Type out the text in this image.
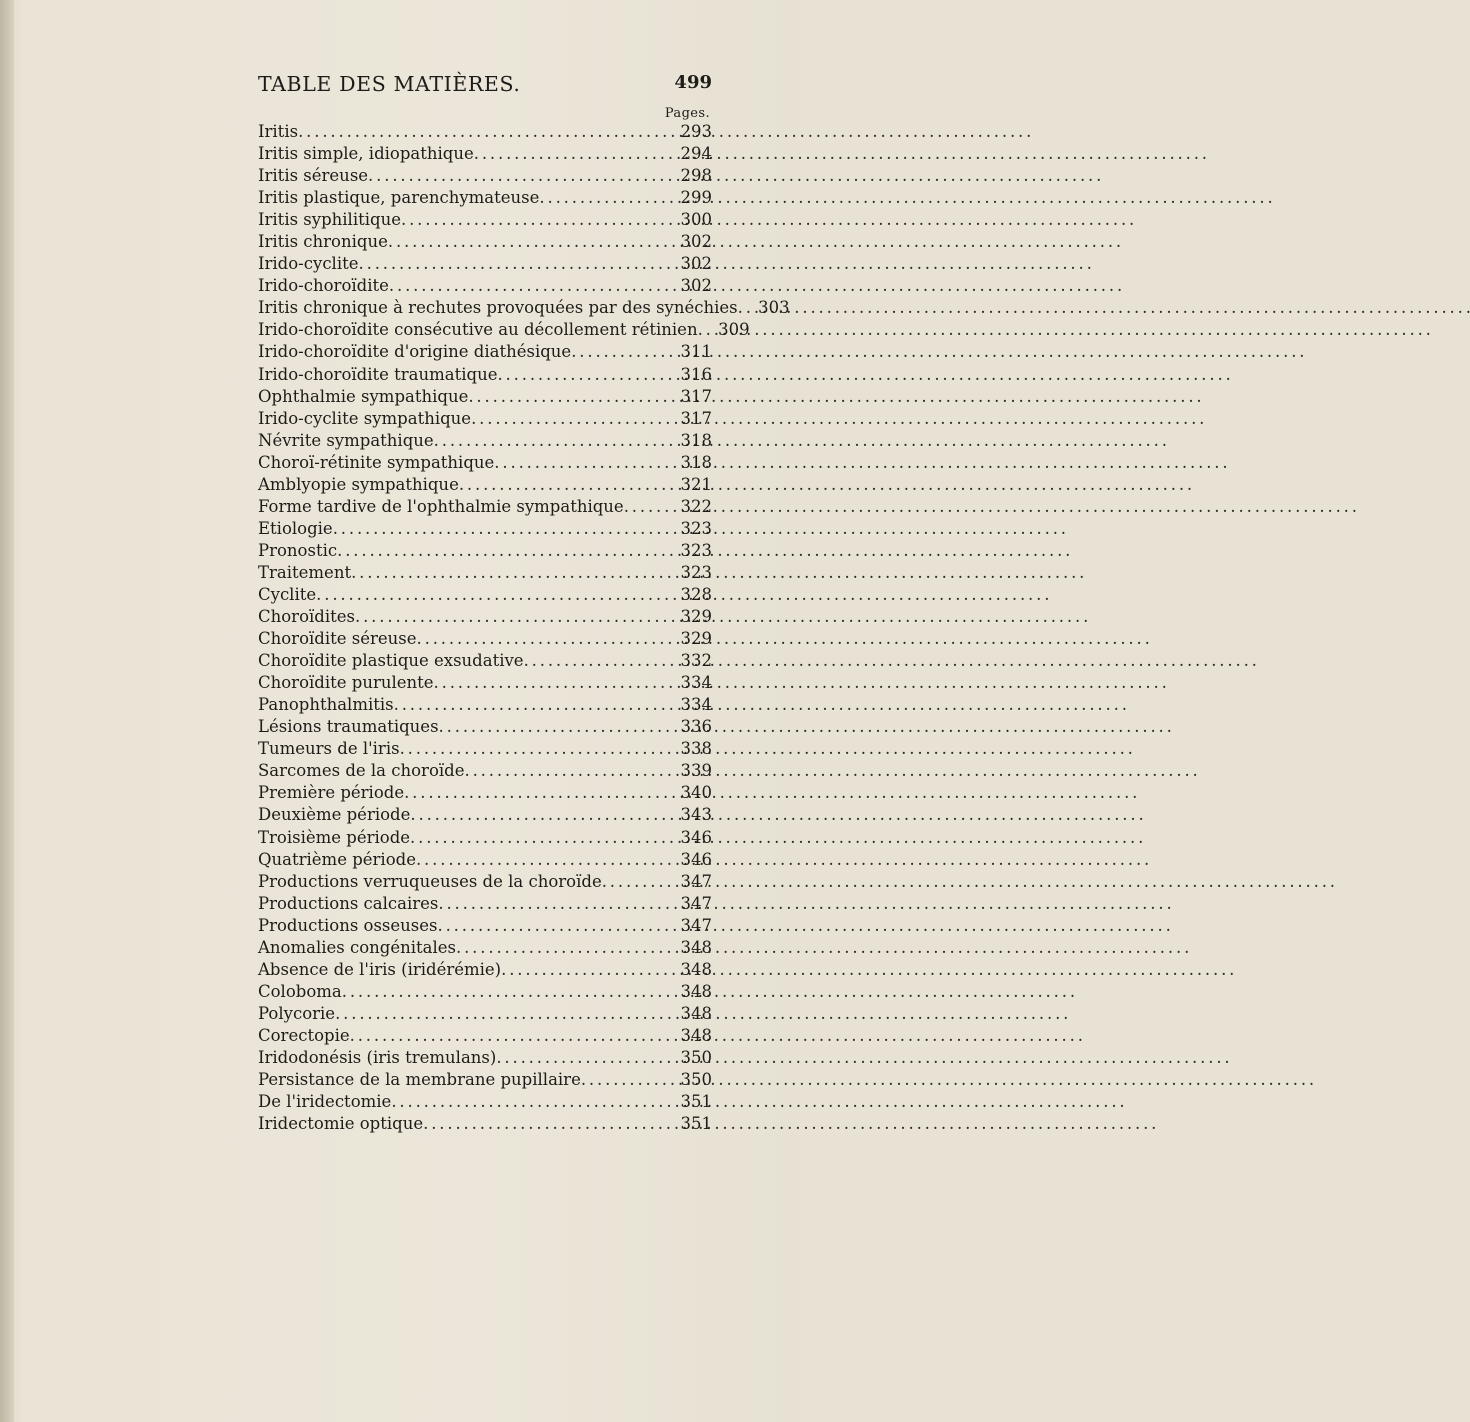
TABLE DES MATIÈRES.	499
Pages.
Iritis . . .	293
Iritis simple, idiopathique . . .	294
Iritis séreuse . . .	298
Iritis plastique, parenchymateuse . . .	299
Iritis syphilitique . . .	300
Iritis chronique . . .	302
Irido-cyclite . . .	302
Irido-choroïdite . . .	302
Iritis chronique à rechutes provoquées par des synéchies . . .	303
Irido-choroïdite consécutive au décollement rétinien . . .	309
Irido-choroïdite d'origine diathésique . . .	311
Irido-choroïdite traumatique . . .	316
Ophthalmie sympathique . . .	317
Irido-cyclite sympathique . . .	317
Névrite sympathique . . .	318
Choroï-rétinite sympathique . . .	318
Amblyopie sympathique . . .	321
Forme tardive de l'ophthalmie sympathique . . .	322
Etiologie . . .	323
Pronostic . . .	323
Traitement . . .	323
Cyclite . . .	328
Choroïdites . . .	329
Choroïdite séreuse . . .	329
Choroïdite plastique exsudative . . .	332
Choroïdite purulente . . .	334
Panophthalmitis . . .	334
Lésions traumatiques . . .	336
Tumeurs de l'iris . . .	338
Sarcomes de la choroïde . . .	339
Première période . . .	340
Deuxième période . . .	343
Troisième période . . .	346
Quatrième période . . .	346
Productions verruqueuses de la choroïde . . .	347
Productions calcaires . . .	347
Productions osseuses . . .	347
Anomalies congénitales . . .	348
Absence de l'iris (iridérémie) . . .	348
Coloboma . . .	348
Polycorie . . .	348
Corectopie . . .	348
Iridodonésis (iris tremulans) . . .	350
Persistance de la membrane pupillaire . . .	350
De l'iridectomie . . .	351
Iridectomie optique . . .	351
